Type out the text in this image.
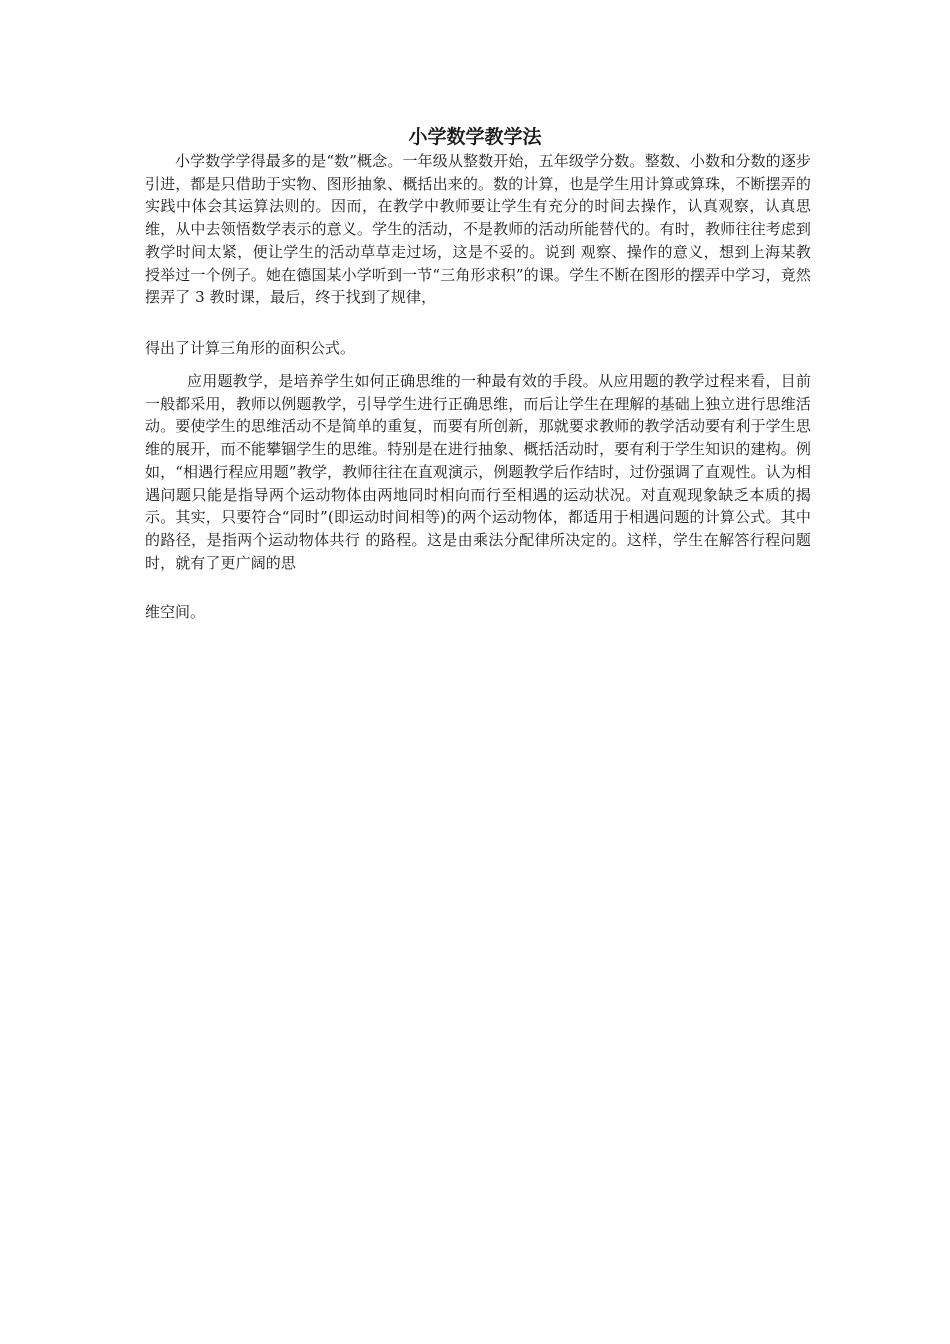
小学数学教学法

小学数学学得最多的是“数”概念。一年级从整数开始，五年级学分数。整数、小数和分数的逐步引进，都是只借助于实物、图形抽象、概括出来的。数的计算，也是学生用计算或算珠，不断摆弄的实践中体会其运算法则的。因而，在教学中教师要让学生有充分的时间去操作，认真观察，认真思维，从中去领悟数学表示的意义。学生的活动，不是教师的活动所能替代的。有时，教师往往考虑到教学时间太紧，便让学生的活动草草走过场，这是不妥的。说到 观察、操作的意义，想到上海某教授举过一个例子。她在德国某小学听到一节“三角形求积”的课。学生不断在图形的摆弄中学习，竟然摆弄了 3 教时课，最后，终于找到了规律，

得出了计算三角形的面积公式。

应用题教学，是培养学生如何正确思维的一种最有效的手段。从应用题的教学过程来看，目前一般都采用，教师以例题教学，引导学生进行正确思维，而后让学生在理解的基础上独立进行思维活动。要使学生的思维活动不是简单的重复，而要有所创新，那就要求教师的教学活动要有利于学生思维的展开，而不能攀锢学生的思维。特别是在进行抽象、概括活动时，要有利于学生知识的建构。例如，“相遇行程应用题”教学，教师往往在直观演示，例题教学后作结时，过份强调了直观性。认为相遇问题只能是指导两个运动物体由两地同时相向而行至相遇的运动状况。对直观现象缺乏本质的揭示。其实，只要符合“同时”(即运动时间相等)的两个运动物体，都适用于相遇问题的计算公式。其中的路径，是指两个运动物体共行 的路程。这是由乘法分配律所决定的。这样，学生在解答行程问题时，就有了更广阔的思

维空间。
